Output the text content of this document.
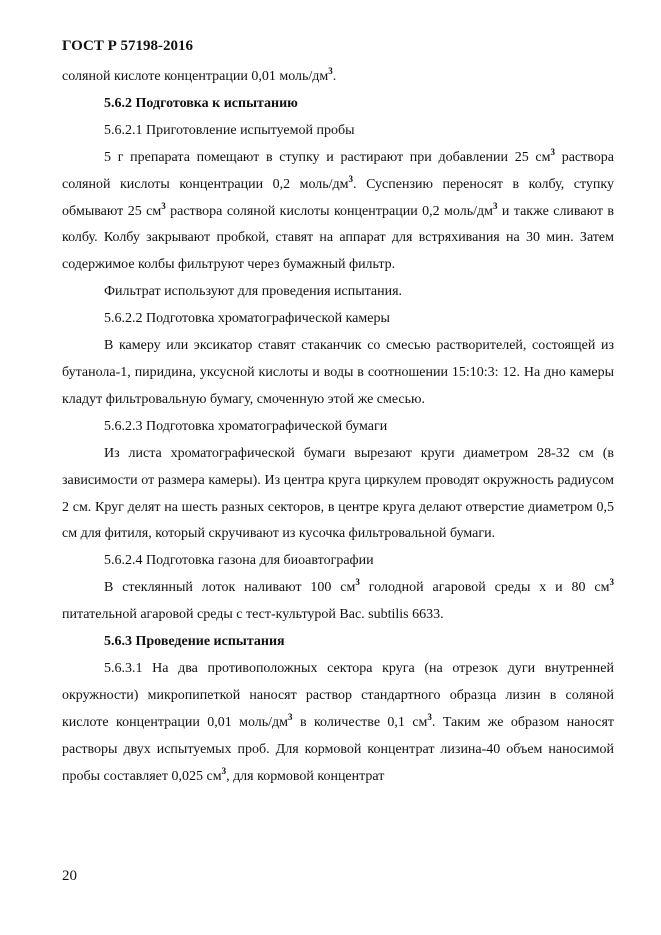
ГОСТ Р 57198-2016

соляной кислоте концентрации 0,01 моль/$дм^3$.

5.6.2 Подготовка к испытанию

5.6.2.1 Приготовление испытуемой пробы

5 г препарата помещают в ступку и растирают при добавлении 25 $см^3$ раствора соляной кислоты концентрации 0,2 моль/$дм^3$. Суспензию переносят в колбу, ступку обмывают 25 $см^3$ раствора соляной кислоты концентрации 0,2 моль/$дм^3$ и также сливают в колбу. Колбу закрывают пробкой, ставят на аппарат для встряхивания на 30 мин. Затем содержимое колбы фильтруют через бумажный фильтр.

Фильтрат используют для проведения испытания.

5.6.2.2 Подготовка хроматографической камеры

В камеру или эксикатор ставят стаканчик со смесью растворителей, состоящей из бутанола-1, пиридина, уксусной кислоты и воды в соотношении 15:10:3: 12. На дно камеры кладут фильтровальную бумагу, смоченную этой же смесью.

5.6.2.3 Подготовка хроматографической бумаги

Из листа хроматографической бумаги вырезают круги диаметром 28-32 см (в зависимости от размера камеры). Из центра круга циркулем проводят окружность радиусом 2 см. Круг делят на шесть разных секторов, в центре круга делают отверстие диаметром 0,5 см для фитиля, который скручивают из кусочка фильтровальной бумаги.

5.6.2.4 Подготовка газона для биоавтографии

В стеклянный лоток наливают 100 $см^3$ голодной агаровой среды х и 80 $см^3$ питательной агаровой среды с тест-культурой Bac. subtilis 6633.

5.6.3 Проведение испытания

5.6.3.1 На два противоположных сектора круга (на отрезок дуги внутренней окружности) микропипеткой наносят раствор стандартного образца лизин в соляной кислоте концентрации 0,01 моль/$дм^3$ в количестве 0,1 $см^3$. Таким же образом наносят растворы двух испытуемых проб. Для кормовой концентрат лизина-40 объем наносимой пробы составляет 0,025 $см^3$, для кормовой концентрат

20
